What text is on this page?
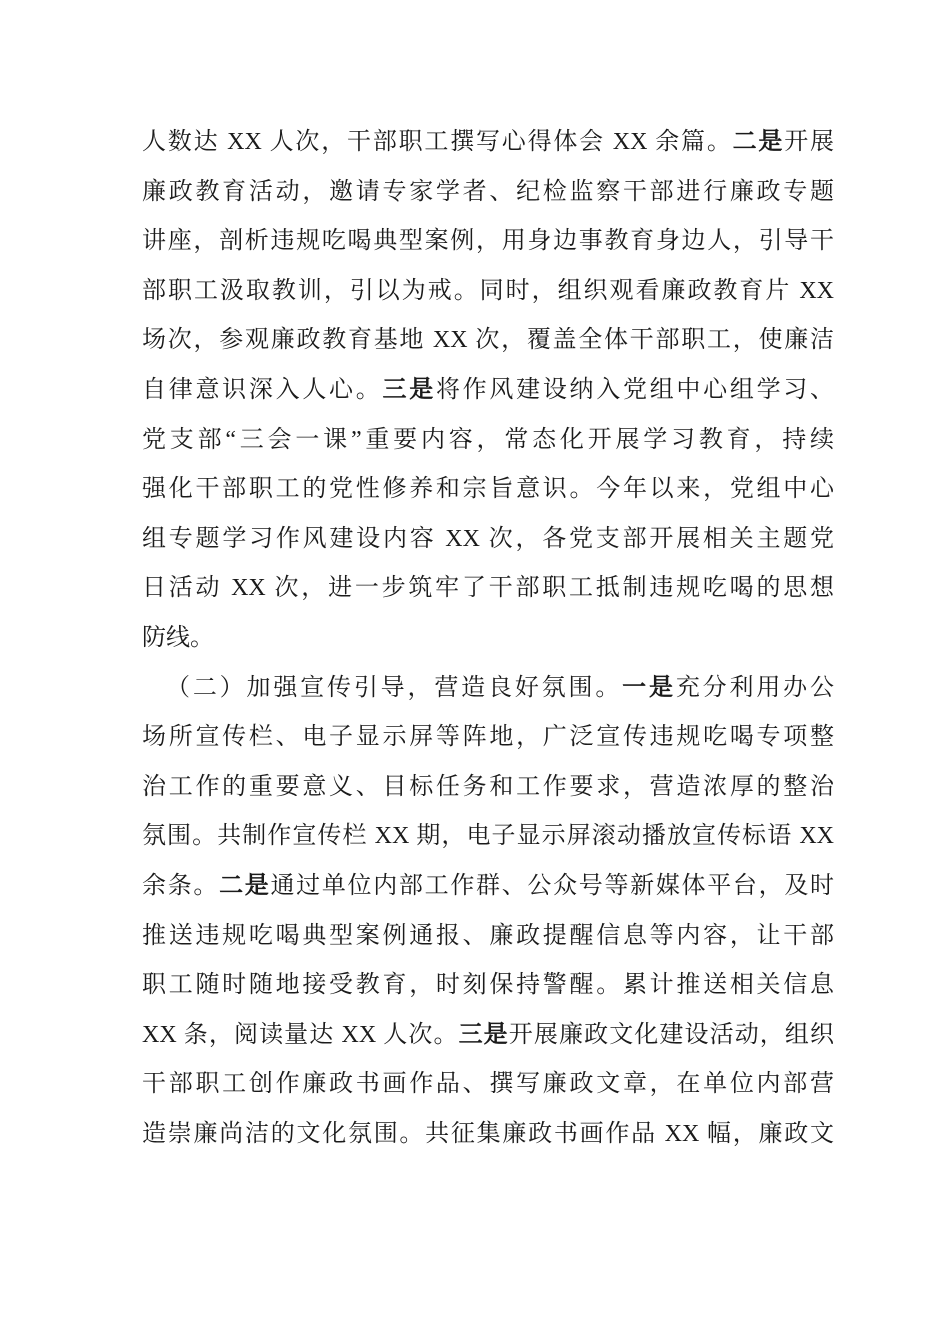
人数达 XX 人次，干部职工撰写心得体会 XX 余篇。二是开展
廉政教育活动，邀请专家学者、纪检监察干部进行廉政专题
讲座，剖析违规吃喝典型案例，用身边事教育身边人，引导干
部职工汲取教训，引以为戒。同时，组织观看廉政教育片 XX
场次，参观廉政教育基地 XX 次，覆盖全体干部职工，使廉洁
自律意识深入人心。三是将作风建设纳入党组中心组学习、
党支部“三会一课”重要内容，常态化开展学习教育，持续
强化干部职工的党性修养和宗旨意识。今年以来，党组中心
组专题学习作风建设内容 XX 次，各党支部开展相关主题党
日活动 XX 次，进一步筑牢了干部职工抵制违规吃喝的思想
防线。
（二）加强宣传引导，营造良好氛围。一是充分利用办公
场所宣传栏、电子显示屏等阵地，广泛宣传违规吃喝专项整
治工作的重要意义、目标任务和工作要求，营造浓厚的整治
氛围。共制作宣传栏 XX 期，电子显示屏滚动播放宣传标语 XX
余条。二是通过单位内部工作群、公众号等新媒体平台，及时
推送违规吃喝典型案例通报、廉政提醒信息等内容，让干部
职工随时随地接受教育，时刻保持警醒。累计推送相关信息
XX 条，阅读量达 XX 人次。三是开展廉政文化建设活动，组织
干部职工创作廉政书画作品、撰写廉政文章，在单位内部营
造崇廉尚洁的文化氛围。共征集廉政书画作品 XX 幅，廉政文
